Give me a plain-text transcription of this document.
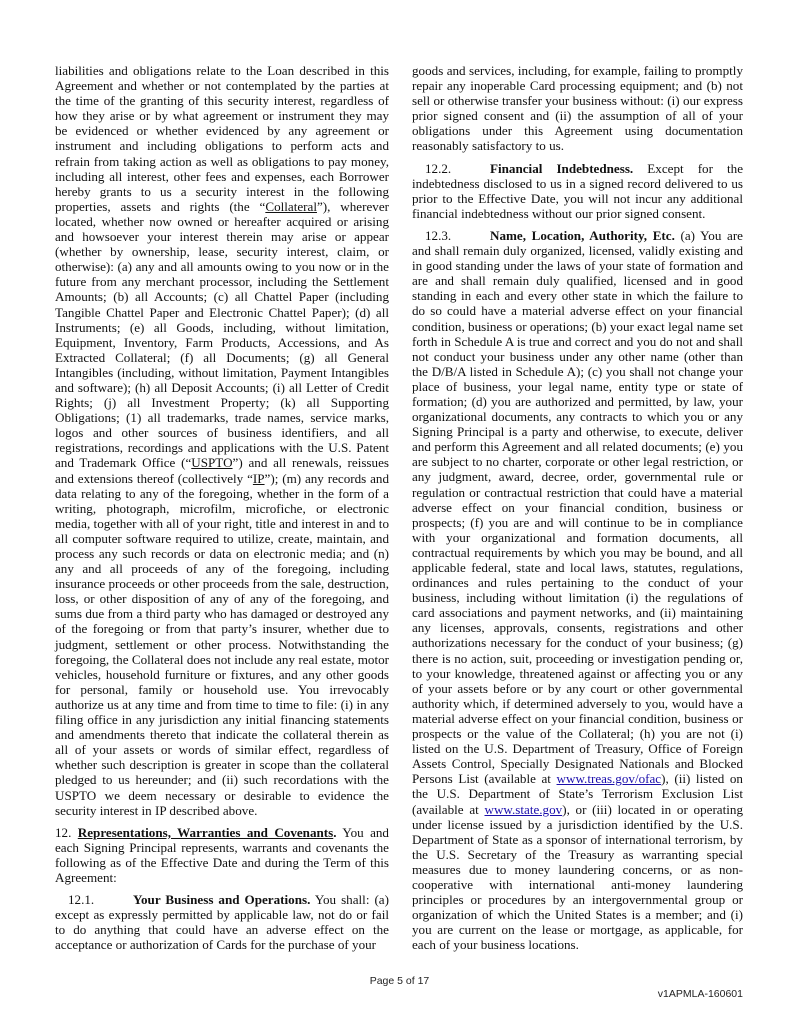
liabilities and obligations relate to the Loan described in this Agreement and whether or not contemplated by the parties at the time of the granting of this security interest, regardless of how they arise or by what agreement or instrument they may be evidenced or whether evidenced by any agreement or instrument and including obligations to perform acts and refrain from taking action as well as obligations to pay money, including all interest, other fees and expenses, each Borrower hereby grants to us a security interest in the following properties, assets and rights (the “Collateral”), wherever located, whether now owned or hereafter acquired or arising and howsoever your interest therein may arise or appear (whether by ownership, lease, security interest, claim, or otherwise): (a) any and all amounts owing to you now or in the future from any merchant processor, including the Settlement Amounts; (b) all Accounts; (c) all Chattel Paper (including Tangible Chattel Paper and Electronic Chattel Paper); (d) all Instruments; (e) all Goods, including, without limitation, Equipment, Inventory, Farm Products, Accessions, and As Extracted Collateral; (f) all Documents; (g) all General Intangibles (including, without limitation, Payment Intangibles and software); (h) all Deposit Accounts; (i) all Letter of Credit Rights; (j) all Investment Property; (k) all Supporting Obligations; (1) all trademarks, trade names, service marks, logos and other sources of business identifiers, and all registrations, recordings and applications with the U.S. Patent and Trademark Office (“USPTO”) and all renewals, reissues and extensions thereof (collectively “IP”); (m) any records and data relating to any of the foregoing, whether in the form of a writing, photograph, microfilm, microfiche, or electronic media, together with all of your right, title and interest in and to all computer software required to utilize, create, maintain, and process any such records or data on electronic media; and (n) any and all proceeds of any of the foregoing, including insurance proceeds or other proceeds from the sale, destruction, loss, or other disposition of any of any of the foregoing, and sums due from a third party who has damaged or destroyed any of the foregoing or from that party’s insurer, whether due to judgment, settlement or other process. Notwithstanding the foregoing, the Collateral does not include any real estate, motor vehicles, household furniture or fixtures, and any other goods for personal, family or household use. You irrevocably authorize us at any time and from time to time to file: (i) in any filing office in any jurisdiction any initial financing statements and amendments thereto that indicate the collateral therein as all of your assets or words of similar effect, regardless of whether such description is greater in scope than the collateral pledged to us hereunder; and (ii) such recordations with the USPTO we deem necessary or desirable to evidence the security interest in IP described above.

12. Representations, Warranties and Covenants. You and each Signing Principal represents, warrants and covenants the following as of the Effective Date and during the Term of this Agreement:

12.1.	Your Business and Operations. You shall: (a) except as expressly permitted by applicable law, not do or fail to do anything that could have an adverse effect on the acceptance or authorization of Cards for the purchase of your

goods and services, including, for example, failing to promptly repair any inoperable Card processing equipment; and (b) not sell or otherwise transfer your business without: (i) our express prior signed consent and (ii) the assumption of all of your obligations under this Agreement using documentation reasonably satisfactory to us.

12.2.	Financial Indebtedness. Except for the indebtedness disclosed to us in a signed record delivered to us prior to the Effective Date, you will not incur any additional financial indebtedness without our prior signed consent.

12.3.	Name, Location, Authority, Etc. (a) You are and shall remain duly organized, licensed, validly existing and in good standing under the laws of your state of formation and are and shall remain duly qualified, licensed and in good standing in each and every other state in which the failure to do so could have a material adverse effect on your financial condition, business or operations; (b) your exact legal name set forth in Schedule A is true and correct and you do not and shall not conduct your business under any other name (other than the D/B/A listed in Schedule A); (c) you shall not change your place of business, your legal name, entity type or state of formation; (d) you are authorized and permitted, by law, your organizational documents, any contracts to which you or any Signing Principal is a party and otherwise, to execute, deliver and perform this Agreement and all related documents; (e) you are subject to no charter, corporate or other legal restriction, or any judgment, award, decree, order, governmental rule or regulation or contractual restriction that could have a material adverse effect on your financial condition, business or prospects; (f) you are and will continue to be in compliance with your organizational and formation documents, all contractual requirements by which you may be bound, and all applicable federal, state and local laws, statutes, regulations, ordinances and rules pertaining to the conduct of your business, including without limitation (i) the regulations of card associations and payment networks, and (ii) maintaining any licenses, approvals, consents, registrations and other authorizations necessary for the conduct of your business; (g) there is no action, suit, proceeding or investigation pending or, to your knowledge, threatened against or affecting you or any of your assets before or by any court or other governmental authority which, if determined adversely to you, would have a material adverse effect on your financial condition, business or prospects or the value of the Collateral; (h) you are not (i) listed on the U.S. Department of Treasury, Office of Foreign Assets Control, Specially Designated Nationals and Blocked Persons List (available at www.treas.gov/ofac), (ii) listed on the U.S. Department of State’s Terrorism Exclusion List (available at www.state.gov), or (iii) located in or operating under license issued by a jurisdiction identified by the U.S. Department of State as a sponsor of international terrorism, by the U.S. Secretary of the Treasury as warranting special measures due to money laundering concerns, or as non-cooperative with international anti-money laundering principles or procedures by an intergovernmental group or organization of which the United States is a member; and (i) you are current on the lease or mortgage, as applicable, for each of your business locations.

Page 5 of 17
v1APMLA-160601
